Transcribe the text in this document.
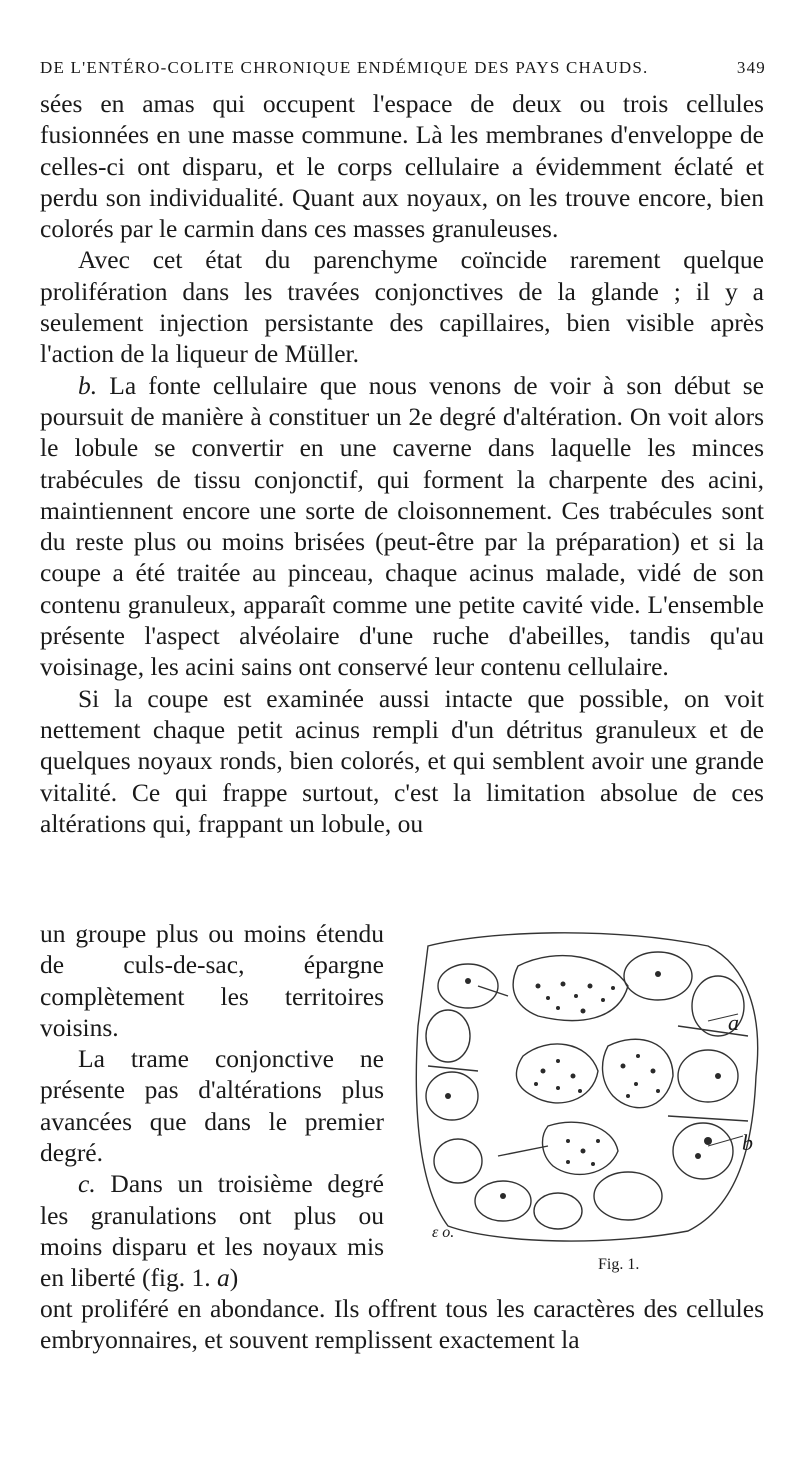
DE L'ENTÉRO-COLITE CHRONIQUE ENDÉMIQUE DES PAYS CHAUDS.	349

sées en amas qui occupent l'espace de deux ou trois cellules fusionnées en une masse commune. Là les membranes d'enveloppe de celles-ci ont disparu, et le corps cellulaire a évidemment éclaté et perdu son individualité. Quant aux noyaux, on les trouve encore, bien colorés par le carmin dans ces masses granuleuses.

Avec cet état du parenchyme coïncide rarement quelque prolifération dans les travées conjonctives de la glande ; il y a seulement injection persistante des capillaires, bien visible après l'action de la liqueur de Müller.

b. La fonte cellulaire que nous venons de voir à son début se poursuit de manière à constituer un 2e degré d'altération. On voit alors le lobule se convertir en une caverne dans laquelle les minces trabécules de tissu conjonctif, qui forment la charpente des acini, maintiennent encore une sorte de cloisonnement. Ces trabécules sont du reste plus ou moins brisées (peut-être par la préparation) et si la coupe a été traitée au pinceau, chaque acinus malade, vidé de son contenu granuleux, apparaît comme une petite cavité vide. L'ensemble présente l'aspect alvéolaire d'une ruche d'abeilles, tandis qu'au voisinage, les acini sains ont conservé leur contenu cellulaire.

Si la coupe est examinée aussi intacte que possible, on voit nettement chaque petit acinus rempli d'un détritus granuleux et de quelques noyaux ronds, bien colorés, et qui semblent avoir une grande vitalité. Ce qui frappe surtout, c'est la limitation absolue de ces altérations qui, frappant un lobule, ou

un groupe plus ou moins étendu de culs-de-sac, épargne complètement les territoires voisins.

La trame conjonctive ne présente pas d'altérations plus avancées que dans le premier degré.

c. Dans un troisième degré les granulations ont plus ou moins disparu et les noyaux mis en liberté (fig. 1. a)

ont proliféré en abondance. Ils offrent tous les caractères des cellules embryonnaires, et souvent remplissent exactement la

a
b
ε o.
Fig. 1.
